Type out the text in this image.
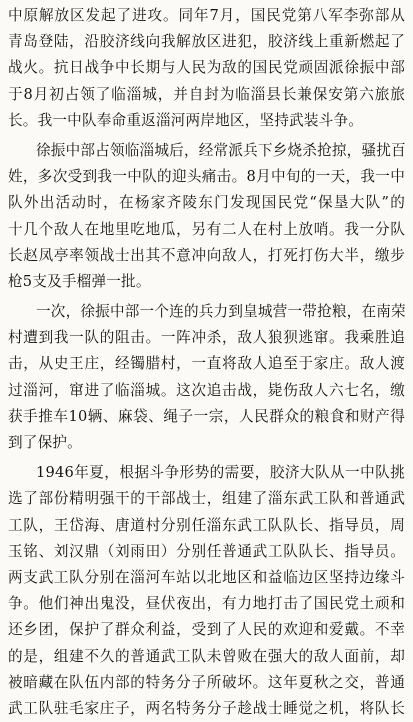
中原解放区发起了进攻。同年7月，国民党第八军李弥部从
青岛登陆，沿胶济线向我解放区进犯，胶济线上重新燃起了
战火。抗日战争中长期与人民为敌的国民党顽固派徐振中部
于8月初占领了临淄城，并自封为临淄县长兼保安第六旅旅
长。我一中队奉命重返淄河两岸地区，坚持武装斗争。
徐振中部占领临淄城后，经常派兵下乡烧杀抢掠，骚扰百
姓，多次受到我一中队的迎头痛击。8月中旬的一天，我一中
队外出活动时，在杨家齐陵东门发现国民党“保垦大队”的
十几个敌人在地里吃地瓜，另有二人在村上放哨。我一分队
长赵凤亭率领战士出其不意冲向敌人，打死打伤大半，缴步
枪5支及手榴弹一批。
一次，徐振中部一个连的兵力到皇城营一带抢粮，在南荣
村遭到我一队的阻击。一阵冲杀，敌人狼狈逃窜。我乘胜追
击，从史王庄，经镯腊村，一直将敌人追至于家庄。敌人渡
过淄河，窜进了临淄城。这次追击战，毙伤敌人六七名，缴
获手推车10辆、麻袋、绳子一宗，人民群众的粮食和财产得
到了保护。
1946年夏，根据斗争形势的需要，胶济大队从一中队挑
选了部份精明强干的干部战士，组建了淄东武工队和普通武
工队，王岱海、唐道村分别任淄东武工队队长、指导员，周
玉铭、刘汉鼎（刘雨田）分别任普通武工队队长、指导员。
两支武工队分别在淄河车站以北地区和益临边区坚持边缘斗
争。他们神出鬼没，昼伏夜出，有力地打击了国民党土顽和
还乡团，保护了群众利益，受到了人民的欢迎和爱戴。不幸
的是，组建不久的普通武工队未曾败在强大的敌人面前，却
被暗藏在队伍内部的特务分子所破坏。这年夏秋之交，普通
武工队驻毛家庄子，两名特务分子趁战士睡觉之机，将队长
